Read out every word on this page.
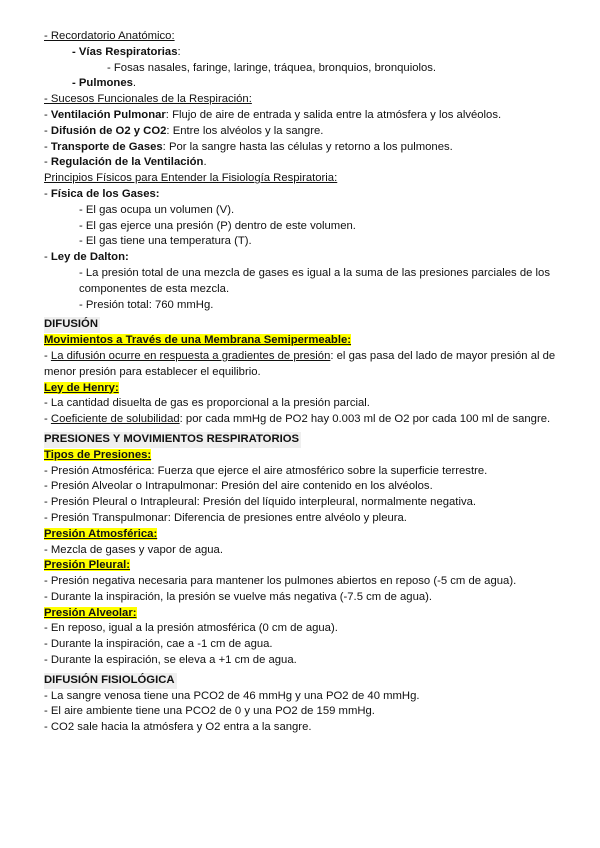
- Recordatorio Anatómico:
- Vías Respiratorias:
- Fosas nasales, faringe, laringe, tráquea, bronquios, bronquiolos.
- Pulmones.
- Sucesos Funcionales de la Respiración:
- Ventilación Pulmonar: Flujo de aire de entrada y salida entre la atmósfera y los alvéolos.
- Difusión de O2 y CO2: Entre los alvéolos y la sangre.
- Transporte de Gases: Por la sangre hasta las células y retorno a los pulmones.
- Regulación de la Ventilación.
Principios Físicos para Entender la Fisiología Respiratoria:
- Física de los Gases:
- El gas ocupa un volumen (V).
- El gas ejerce una presión (P) dentro de este volumen.
- El gas tiene una temperatura (T).
- Ley de Dalton:
- La presión total de una mezcla de gases es igual a la suma de las presiones parciales de los componentes de esta mezcla.
- Presión total: 760 mmHg.
DIFUSIÓN
Movimientos a Través de una Membrana Semipermeable:
- La difusión ocurre en respuesta a gradientes de presión: el gas pasa del lado de mayor presión al de menor presión para establecer el equilibrio.
Ley de Henry:
- La cantidad disuelta de gas es proporcional a la presión parcial.
- Coeficiente de solubilidad: por cada mmHg de PO2 hay 0.003 ml de O2 por cada 100 ml de sangre.
PRESIONES Y MOVIMIENTOS RESPIRATORIOS
Tipos de Presiones:
- Presión Atmosférica: Fuerza que ejerce el aire atmosférico sobre la superficie terrestre.
- Presión Alveolar o Intrapulmonar: Presión del aire contenido en los alvéolos.
- Presión Pleural o Intrapleural: Presión del líquido interpleural, normalmente negativa.
- Presión Transpulmonar: Diferencia de presiones entre alvéolo y pleura.
Presión Atmosférica:
- Mezcla de gases y vapor de agua.
Presión Pleural:
- Presión negativa necesaria para mantener los pulmones abiertos en reposo (-5 cm de agua).
- Durante la inspiración, la presión se vuelve más negativa (-7.5 cm de agua).
Presión Alveolar:
- En reposo, igual a la presión atmosférica (0 cm de agua).
- Durante la inspiración, cae a -1 cm de agua.
- Durante la espiración, se eleva a +1 cm de agua.
DIFUSIÓN FISIOLÓGICA
- La sangre venosa tiene una PCO2 de 46 mmHg y una PO2 de 40 mmHg.
- El aire ambiente tiene una PCO2 de 0 y una PO2 de 159 mmHg.
- CO2 sale hacia la atmósfera y O2 entra a la sangre.
